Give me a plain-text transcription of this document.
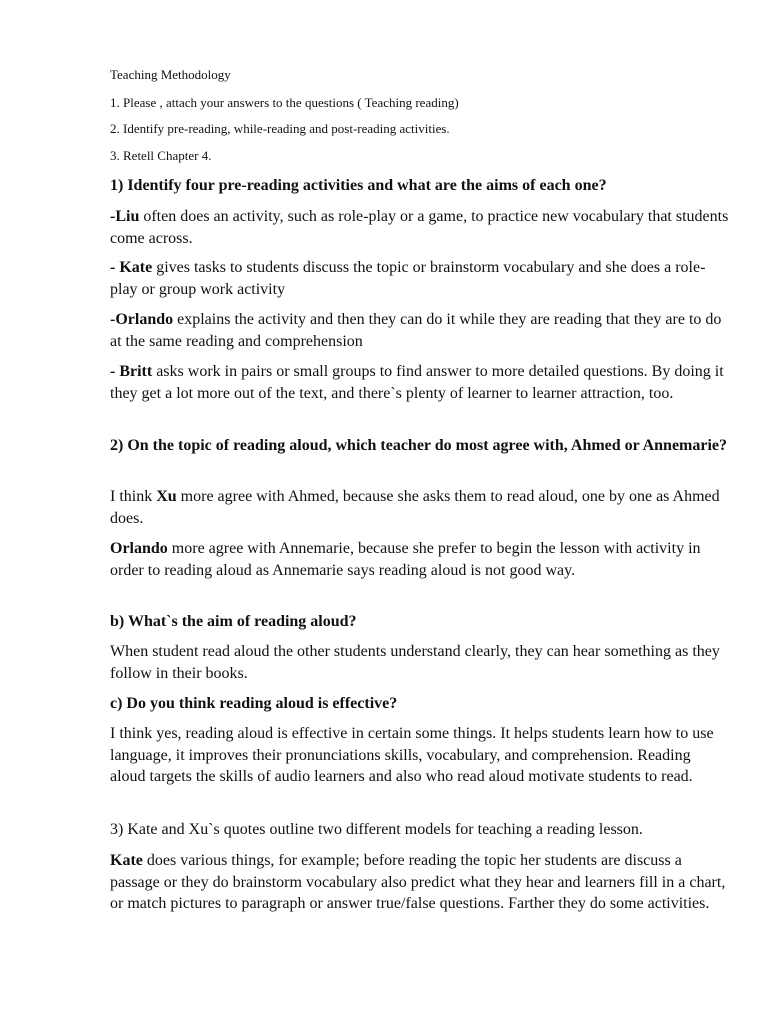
Teaching Methodology

1. Please , attach your answers to the questions ( Teaching reading)

2. Identify pre-reading, while-reading and post-reading activities.

3. Retell Chapter 4.

1) Identify four pre-reading activities and what are the aims of each one?

-Liu often does an activity, such as role-play or a game, to practice new vocabulary that students come across.

- Kate gives tasks to students discuss the topic or brainstorm vocabulary and she does a role-play or group work activity

-Orlando explains the activity and then they can do it while they are reading that they are to do at the same reading and comprehension

- Britt asks work in pairs or small groups to find answer to more detailed questions. By doing it they get a lot more out of the text, and there`s plenty of learner to learner attraction, too.

2) On the topic of reading aloud, which teacher do most agree with, Ahmed or Annemarie?

I think Xu more agree with Ahmed, because she asks them to read aloud, one by one as Ahmed does.

Orlando more agree with Annemarie, because she prefer to begin the lesson with activity in order to reading aloud as Annemarie says reading aloud is not good way.

b) What`s the aim of reading aloud?

When student read aloud the other students understand clearly, they can hear something as they follow in their books.

c) Do you think reading aloud is effective?

I think yes, reading aloud is effective in certain some things. It helps students learn how to use language, it improves their pronunciations skills, vocabulary, and comprehension. Reading aloud targets the skills of audio learners and also who read aloud motivate students to read.

3) Kate and Xu`s quotes outline two different models for teaching a reading lesson.

Kate does various things, for example; before reading the topic her students are discuss a passage or they do brainstorm vocabulary also predict what they hear and learners fill in a chart, or match pictures to paragraph or answer true/false questions. Farther they do some activities.
